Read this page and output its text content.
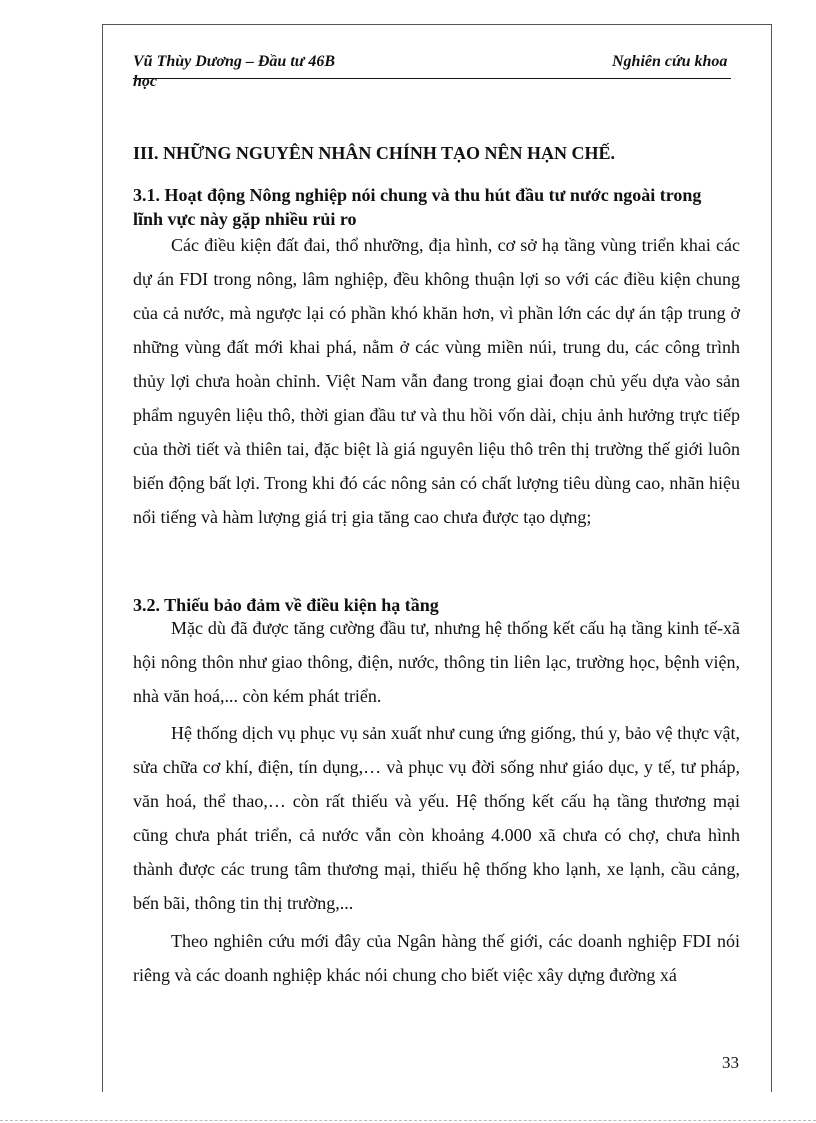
Vũ Thùy Dương – Đầu tư 46B	Nghiên cứu khoa
học
III. NHỮNG NGUYÊN NHÂN CHÍNH TẠO NÊN HẠN CHẾ.
3.1. Hoạt động Nông nghiệp nói chung và thu hút đầu tư nước ngoài trong lĩnh vực này gặp nhiều rủi ro
Các điều kiện đất đai, thổ nhưỡng, địa hình, cơ sở hạ tầng vùng triển khai các dự án FDI trong nông, lâm nghiệp, đều không thuận lợi so với các điều kiện chung của cả nước, mà ngược lại có phần khó khăn hơn, vì phần lớn các dự án tập trung ở những vùng đất mới khai phá, nằm ở các vùng miền núi, trung du, các công trình thủy lợi chưa hoàn chỉnh. Việt Nam vẫn đang trong giai đoạn chủ yếu dựa vào sản phẩm nguyên liệu thô, thời gian đầu tư và thu hồi vốn dài, chịu ảnh hưởng trực tiếp của thời tiết và thiên tai, đặc biệt là giá nguyên liệu thô trên thị trường thế giới luôn biến động bất lợi. Trong khi đó các nông sản có chất lượng tiêu dùng cao, nhãn hiệu nổi tiếng và hàm lượng giá trị gia tăng cao chưa được tạo dựng;
3.2. Thiếu bảo đảm về điều kiện hạ tầng
Mặc dù đã được tăng cường đầu tư, nhưng hệ thống kết cấu hạ tầng kinh tế-xã hội nông thôn như giao thông, điện, nước, thông tin liên lạc, trường học, bệnh viện, nhà văn hoá,... còn kém phát triển.
Hệ thống dịch vụ phục vụ sản xuất như cung ứng giống, thú y, bảo vệ thực vật, sửa chữa cơ khí, điện, tín dụng,… và phục vụ đời sống như giáo dục, y tế, tư pháp, văn hoá, thể thao,… còn rất thiếu và yếu. Hệ thống kết cấu hạ tầng thương mại cũng chưa phát triển, cả nước vẫn còn khoảng 4.000 xã chưa có chợ, chưa hình thành được các trung tâm thương mại, thiếu hệ thống kho lạnh, xe lạnh, cầu cảng, bến bãi, thông tin thị trường,...
Theo nghiên cứu mới đây của Ngân hàng thế giới, các doanh nghiệp FDI nói riêng và các doanh nghiệp khác nói chung cho biết việc xây dựng đường xá
33
